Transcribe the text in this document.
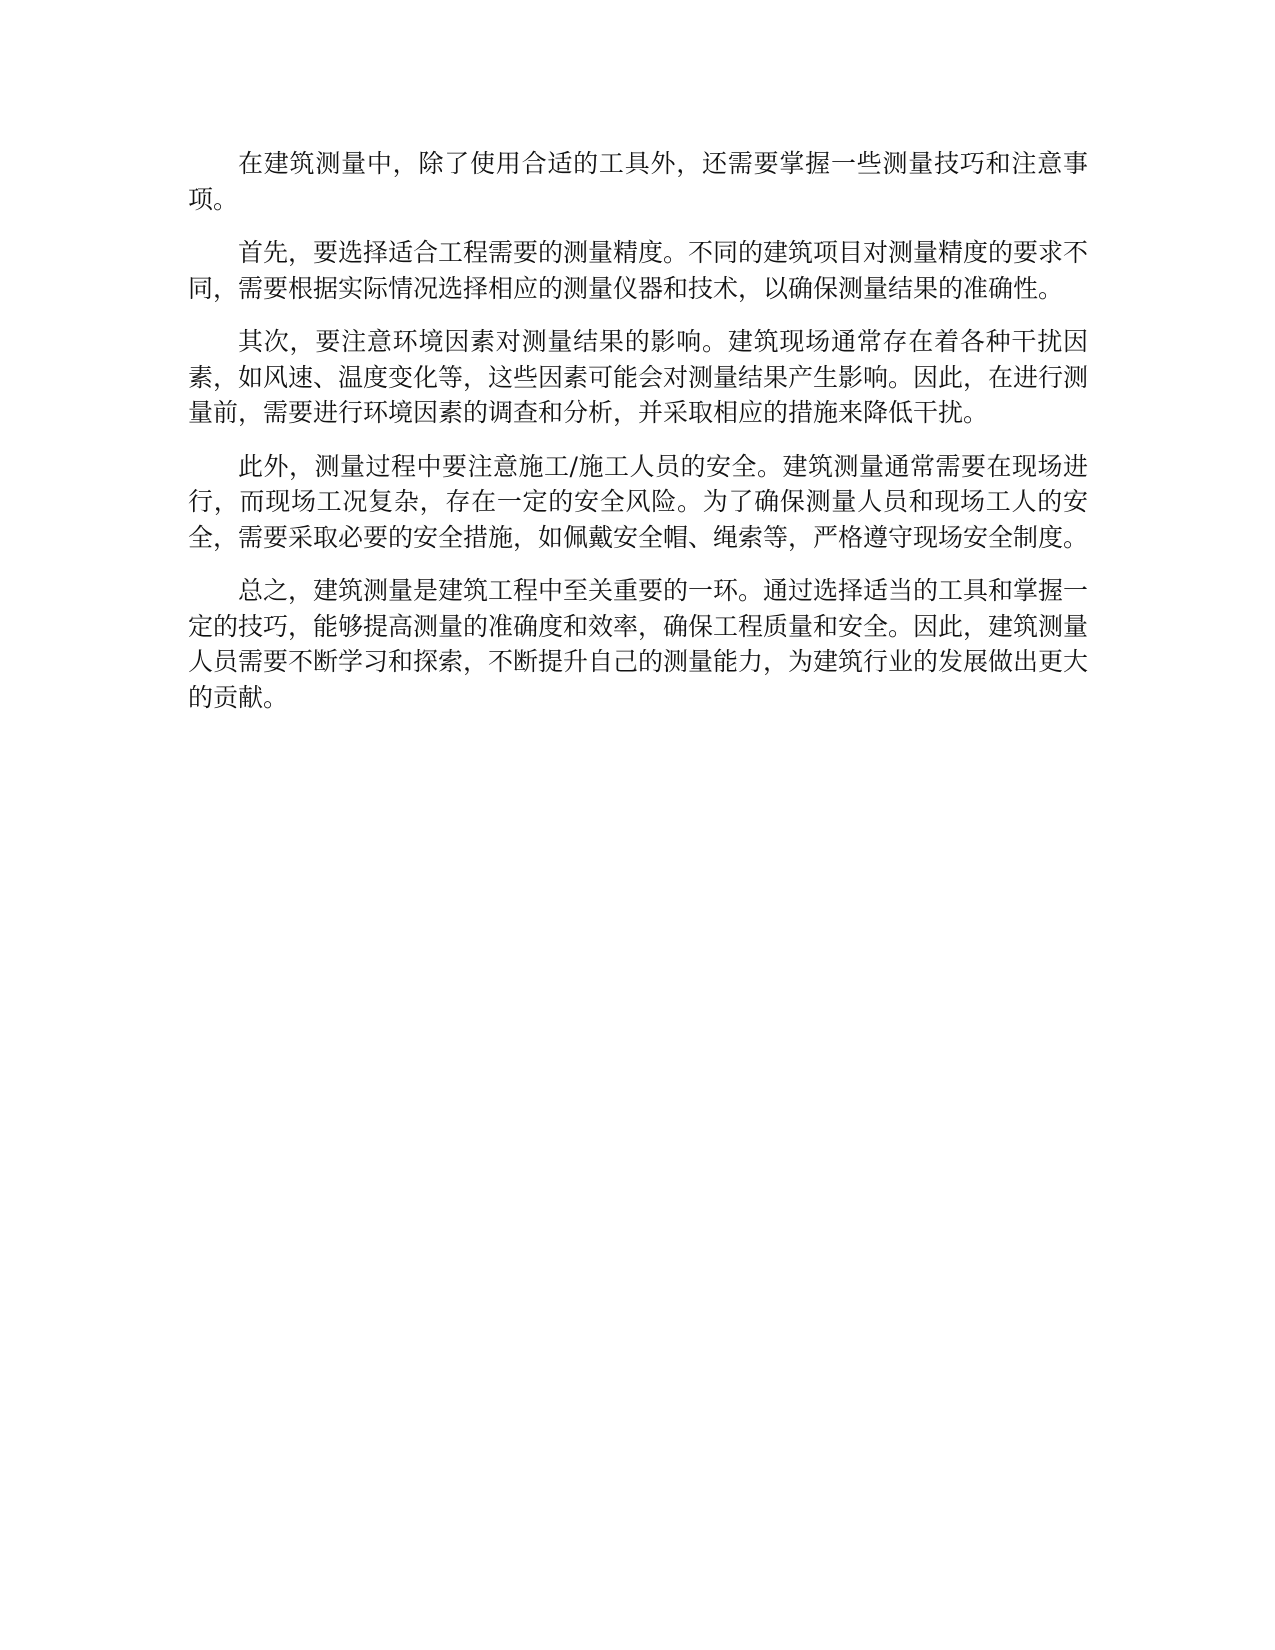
在建筑测量中，除了使用合适的工具外，还需要掌握一些测量技巧和注意事项。

首先，要选择适合工程需要的测量精度。不同的建筑项目对测量精度的要求不同，需要根据实际情况选择相应的测量仪器和技术，以确保测量结果的准确性。

其次，要注意环境因素对测量结果的影响。建筑现场通常存在着各种干扰因素，如风速、温度变化等，这些因素可能会对测量结果产生影响。因此，在进行测量前，需要进行环境因素的调查和分析，并采取相应的措施来降低干扰。

此外，测量过程中要注意施工/施工人员的安全。建筑测量通常需要在现场进行，而现场工况复杂，存在一定的安全风险。为了确保测量人员和现场工人的安全，需要采取必要的安全措施，如佩戴安全帽、绳索等，严格遵守现场安全制度。

总之，建筑测量是建筑工程中至关重要的一环。通过选择适当的工具和掌握一定的技巧，能够提高测量的准确度和效率，确保工程质量和安全。因此，建筑测量人员需要不断学习和探索，不断提升自己的测量能力，为建筑行业的发展做出更大的贡献。
